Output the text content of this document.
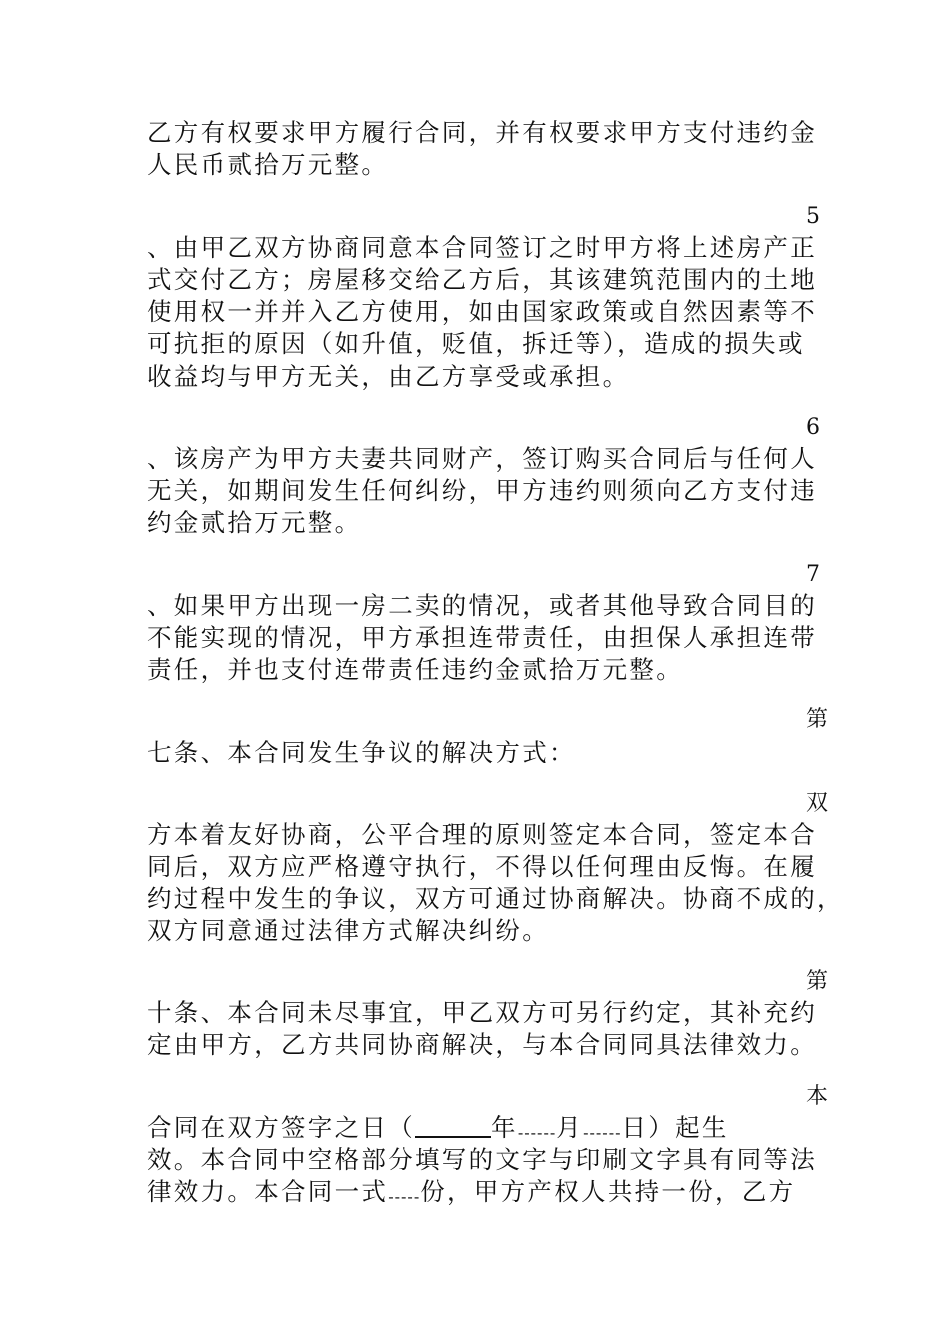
乙方有权要求甲方履行合同，并有权要求甲方支付违约金
人民币贰拾万元整。
5
、由甲乙双方协商同意本合同签订之时甲方将上述房产正
式交付乙方；房屋移交给乙方后，其该建筑范围内的土地
使用权一并并入乙方使用，如由国家政策或自然因素等不
可抗拒的原因（如升值，贬值，拆迁等），造成的损失或
收益均与甲方无关，由乙方享受或承担。
6
、该房产为甲方夫妻共同财产，签订购买合同后与任何人
无关，如期间发生任何纠纷，甲方违约则须向乙方支付违
约金贰拾万元整。
7
、如果甲方出现一房二卖的情况，或者其他导致合同目的
不能实现的情况，甲方承担连带责任，由担保人承担连带
责任，并也支付连带责任违约金贰拾万元整。
第
七条、本合同发生争议的解决方式：
双
方本着友好协商，公平合理的原则签定本合同，签定本合
同后，双方应严格遵守执行，不得以任何理由反悔。在履
约过程中发生的争议，双方可通过协商解决。协商不成的，
双方同意通过法律方式解决纠纷。
第
十条、本合同未尽事宜，甲乙双方可另行约定，其补充约
定由甲方，乙方共同协商解决，与本合同同具法律效力。
本
合同在双方签字之日（	年------月------日）起生
效。本合同中空格部分填写的文字与印刷文字具有同等法
律效力。本合同一式-----份，甲方产权人共持一份，乙方
